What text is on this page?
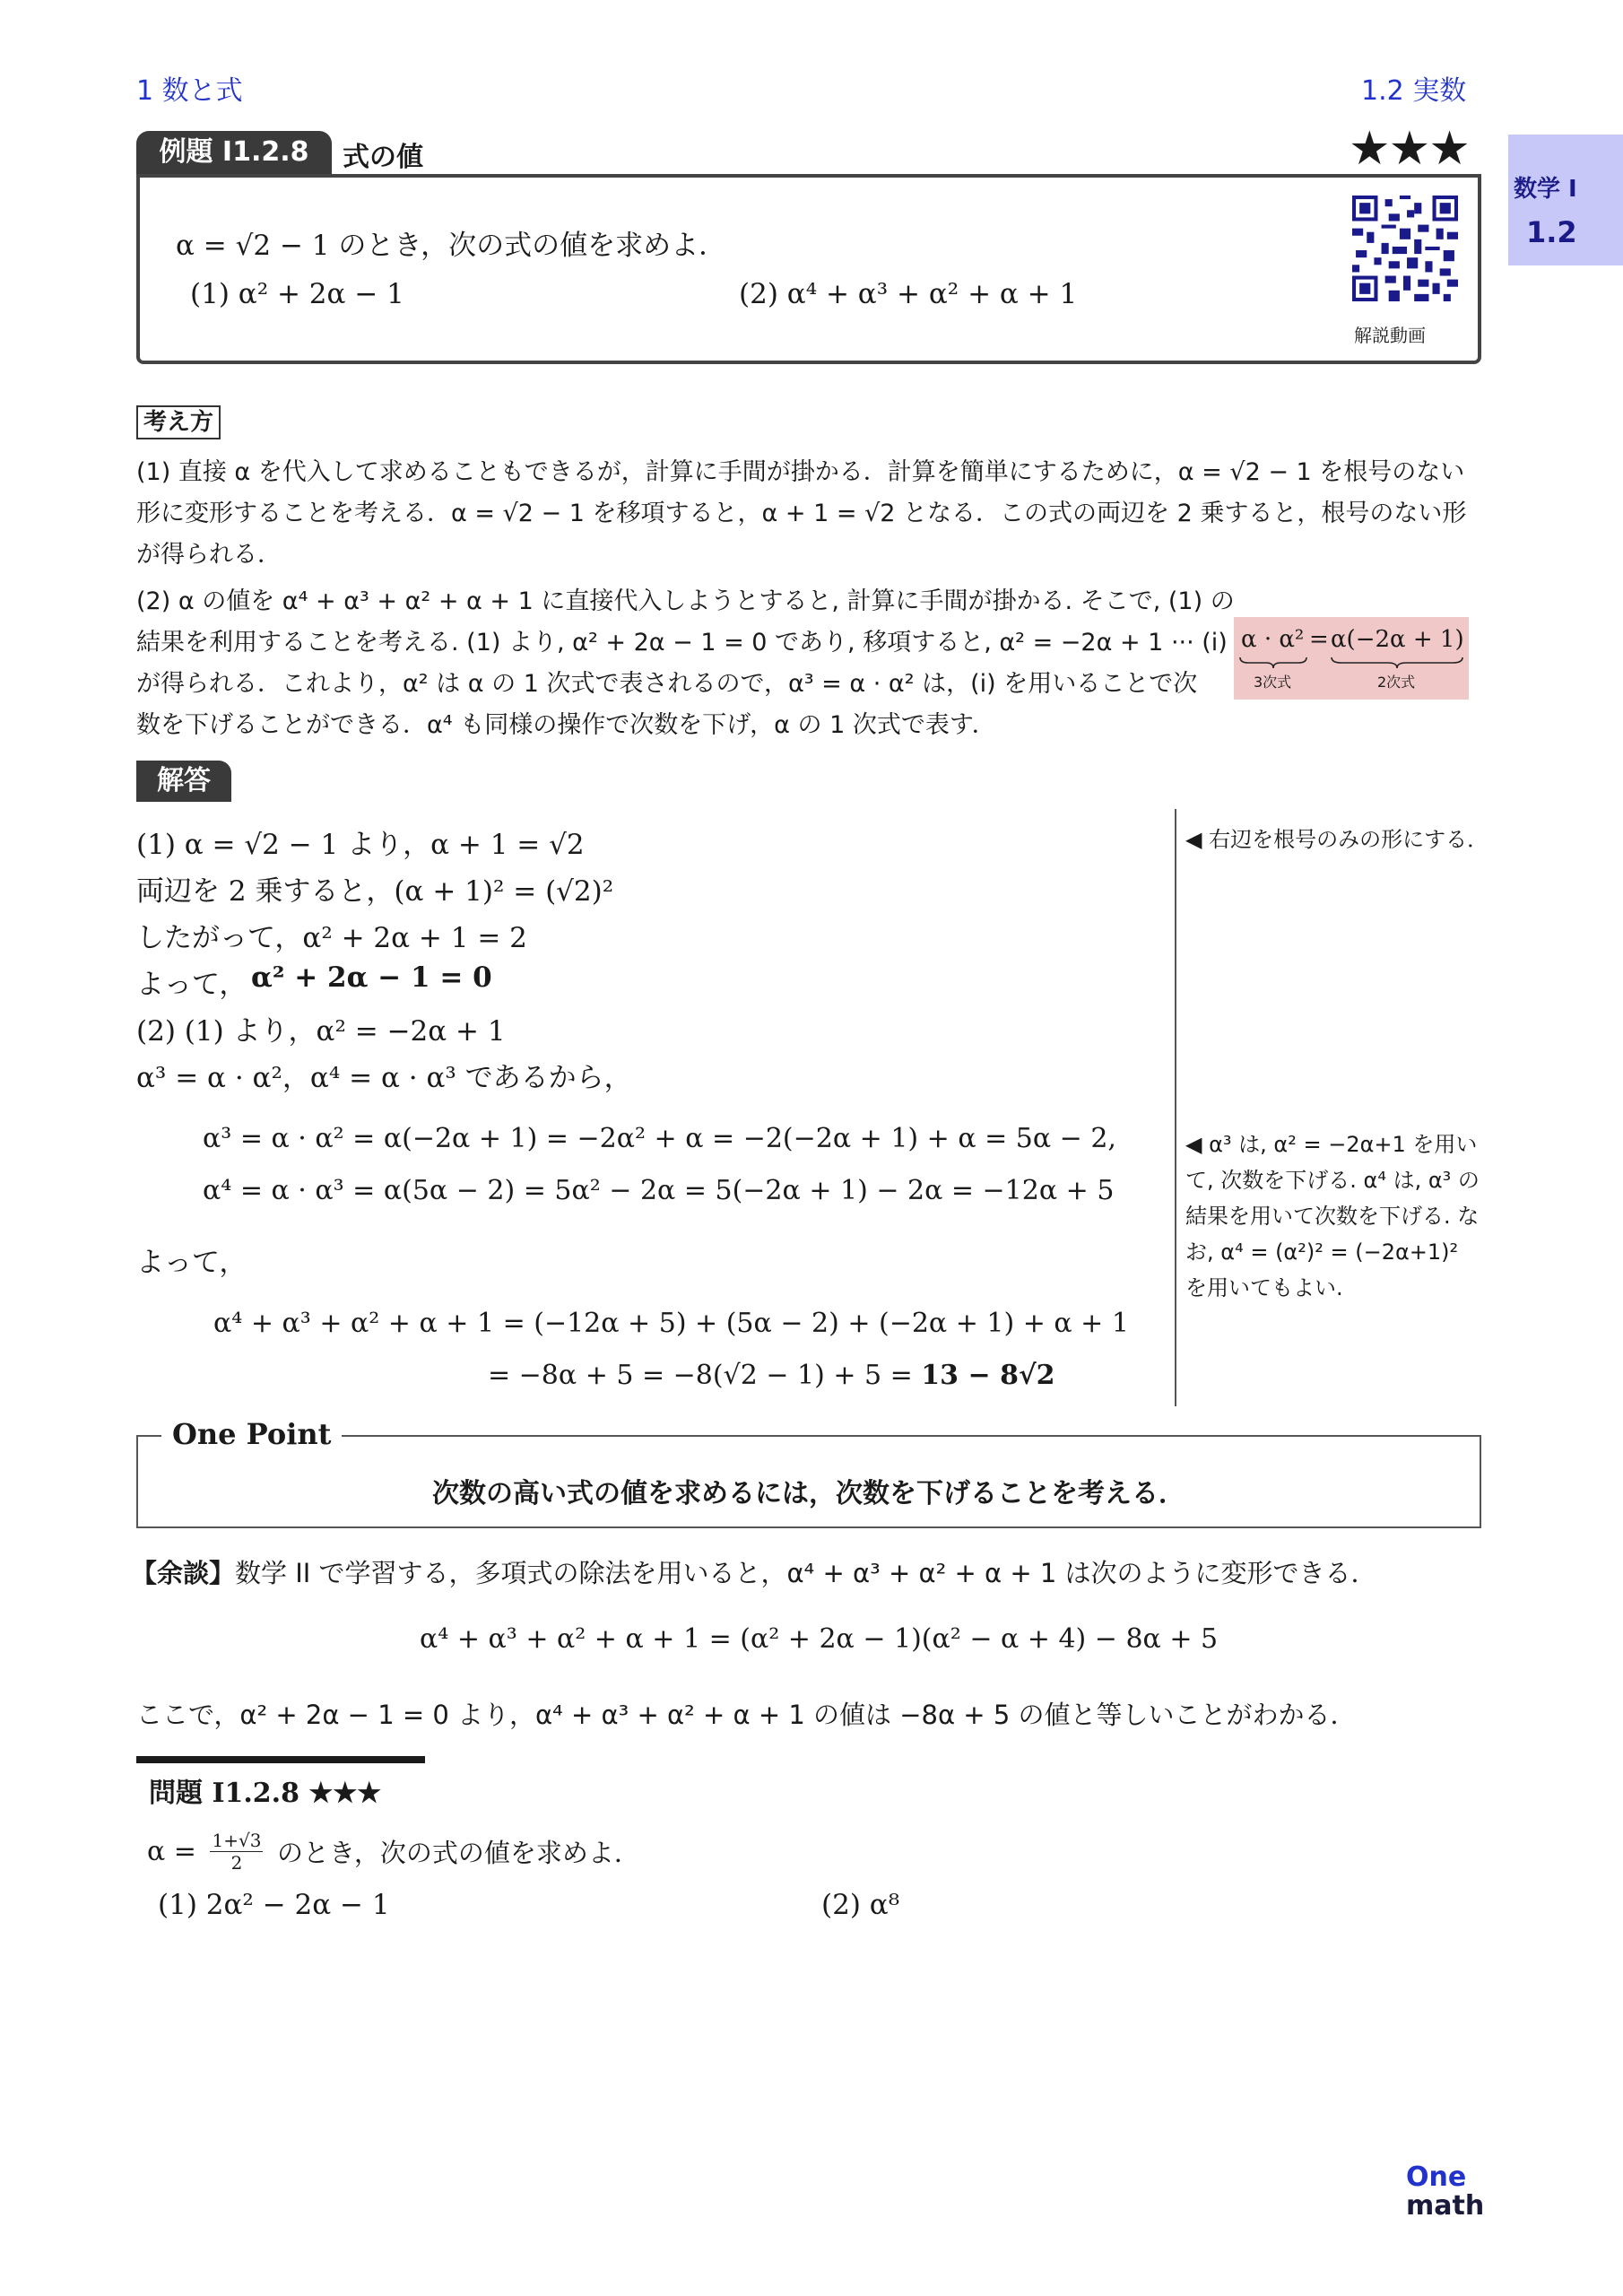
1 数と式	1.2 実数
数学 I
1.2
例題 I1.2.8	式の値	★★★
α = √2 − 1 のとき，次の式の値を求めよ．
(1) α² + 2α − 1	(2) α⁴ + α³ + α² + α + 1
解説動画
考え方
(1) 直接 α を代入して求めることもできるが，計算に手間が掛かる．計算を簡単にするために，α = √2 − 1 を根号のない
形に変形することを考える．α = √2 − 1 を移項すると，α + 1 = √2 となる．この式の両辺を 2 乗すると，根号のない形
が得られる．
(2) α の値を α⁴ + α³ + α² + α + 1 に直接代入しようとすると, 計算に手間が掛かる. そこで, (1) の
結果を利用することを考える. (1) より, α² + 2α − 1 = 0 であり, 移項すると, α² = −2α + 1 ··· (i)
が得られる．これより，α² は α の 1 次式で表されるので，α³ = α · α² は，(i) を用いることで次
数を下げることができる．α⁴ も同様の操作で次数を下げ，α の 1 次式で表す．
α · α² = α(−2α + 1)
3次式	2次式
解答
(1) α = √2 − 1 より，α + 1 = √2
両辺を 2 乗すると，(α + 1)² = (√2)²
したがって，α² + 2α + 1 = 2
よって， α² + 2α − 1 = 0
(2) (1) より，α² = −2α + 1
α³ = α · α²，α⁴ = α · α³ であるから，
α³ = α · α² = α(−2α + 1) = −2α² + α = −2(−2α + 1) + α = 5α − 2,
α⁴ = α · α³ = α(5α − 2) = 5α² − 2α = 5(−2α + 1) − 2α = −12α + 5
よって，
α⁴ + α³ + α² + α + 1 = (−12α + 5) + (5α − 2) + (−2α + 1) + α + 1
= −8α + 5 = −8(√2 − 1) + 5 = 13 − 8√2
◀ 右辺を根号のみの形にする．
◀ α³ は, α² = −2α+1 を用い
て, 次数を下げる. α⁴ は, α³ の
結果を用いて次数を下げる. な
お, α⁴ = (α²)² = (−2α+1)²
を用いてもよい.
One Point
次数の高い式の値を求めるには，次数を下げることを考える．
【余談】数学 II で学習する，多項式の除法を用いると，α⁴ + α³ + α² + α + 1 は次のように変形できる．
α⁴ + α³ + α² + α + 1 = (α² + 2α − 1)(α² − α + 4) − 8α + 5
ここで，α² + 2α − 1 = 0 より，α⁴ + α³ + α² + α + 1 の値は −8α + 5 の値と等しいことがわかる．
問題 I1.2.8 ★★★
$\alpha = \frac{1+√3}{2}$ のとき，次の式の値を求めよ．
(1) 2α² − 2α − 1	(2) α⁸
One
math
